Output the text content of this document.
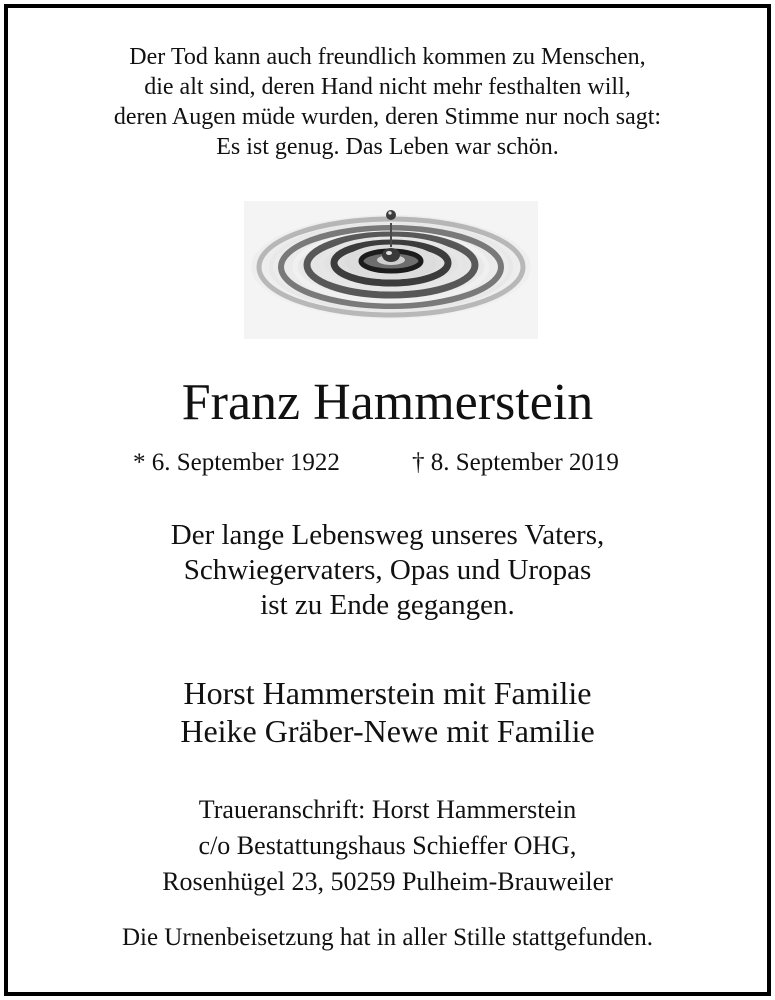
Der Tod kann auch freundlich kommen zu Menschen,
die alt sind, deren Hand nicht mehr festhalten will,
deren Augen müde wurden, deren Stimme nur noch sagt:
Es ist genug. Das Leben war schön.
Franz Hammerstein
* 6. September 1922	† 8. September 2019
Der lange Lebensweg unseres Vaters,
Schwiegervaters, Opas und Uropas
ist zu Ende gegangen.
Horst Hammerstein mit Familie
Heike Gräber-Newe mit Familie
Traueranschrift: Horst Hammerstein
c/o Bestattungshaus Schieffer OHG,
Rosenhügel 23, 50259 Pulheim-Brauweiler
Die Urnenbeisetzung hat in aller Stille stattgefunden.
